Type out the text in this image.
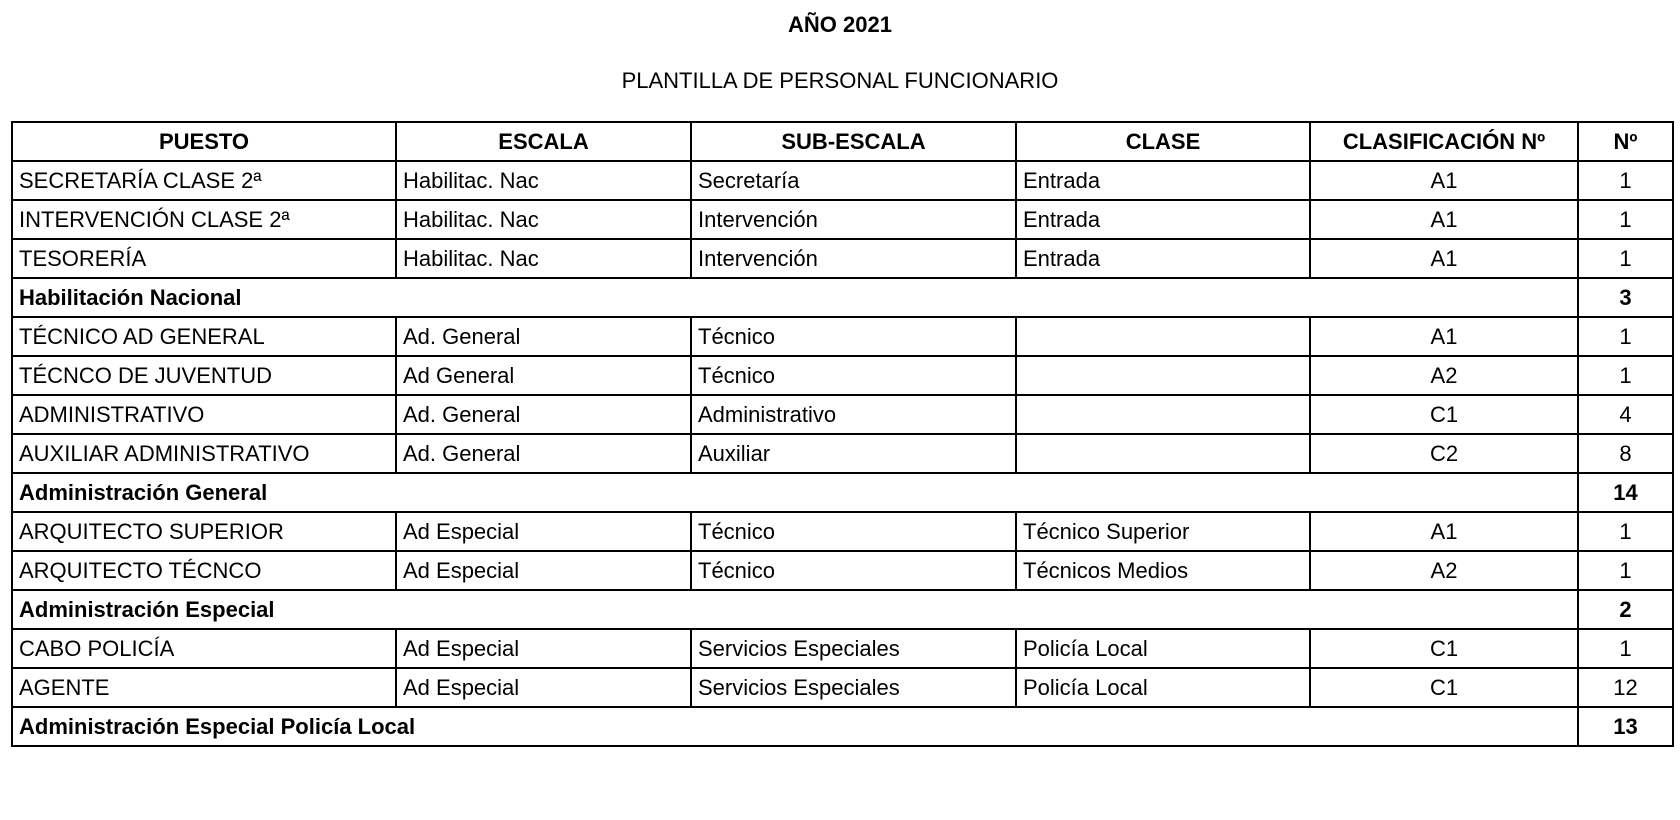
AÑO 2021
PLANTILLA DE PERSONAL FUNCIONARIO
PUESTO	ESCALA	SUB-ESCALA	CLASE	CLASIFICACIÓN Nº	Nº
SECRETARÍA CLASE 2ª	Habilitac. Nac	Secretaría	Entrada	A1	1
INTERVENCIÓN CLASE 2ª	Habilitac. Nac	Intervención	Entrada	A1	1
TESORERÍA	Habilitac. Nac	Intervención	Entrada	A1	1
Habilitación Nacional					3
TÉCNICO AD GENERAL	Ad. General	Técnico		A1	1
TÉCNCO DE JUVENTUD	Ad General	Técnico		A2	1
ADMINISTRATIVO	Ad. General	Administrativo		C1	4
AUXILIAR ADMINISTRATIVO	Ad. General	Auxiliar		C2	8
Administración General					14
ARQUITECTO SUPERIOR	Ad Especial	Técnico	Técnico Superior	A1	1
ARQUITECTO TÉCNCO	Ad Especial	Técnico	Técnicos Medios	A2	1
Administración Especial					2
CABO POLICÍA	Ad Especial	Servicios Especiales	Policía Local	C1	1
AGENTE	Ad Especial	Servicios Especiales	Policía Local	C1	12
Administración Especial Policía Local					13
